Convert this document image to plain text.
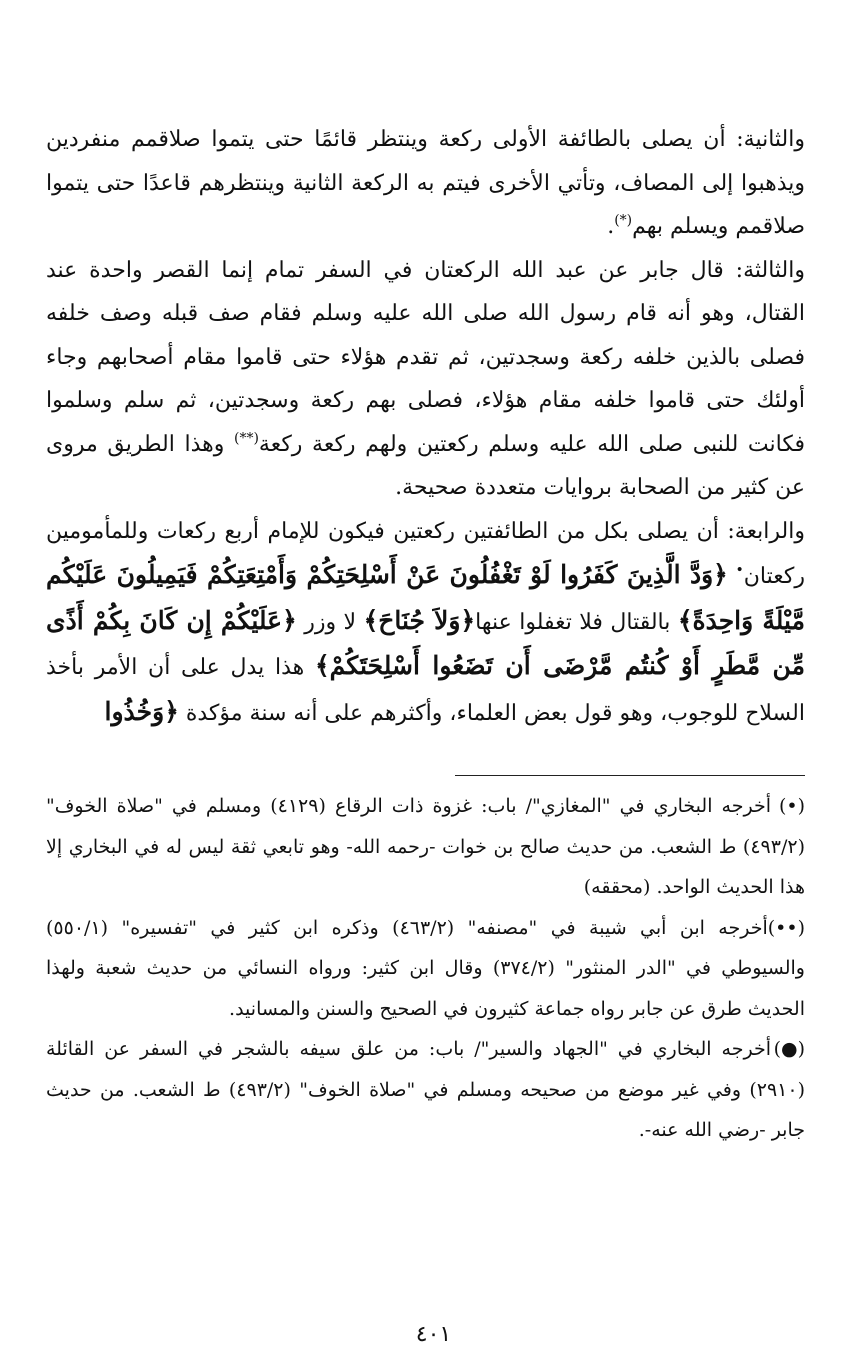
والثانية: أن يصلى بالطائفة الأولى ركعة وينتظر قائمًا حتى يتموا صلاقمم منفردين ويذهبوا إلى المصاف، وتأتي الأخرى فيتم به الركعة الثانية وينتظرهم قاعدًا حتى يتموا صلاقمم ويسلم بهم(*).

والثالثة: قال جابر عن عبد الله الركعتان في السفر تمام إنما القصر واحدة عند القتال، وهو أنه قام رسول الله صلى الله عليه وسلم فقام صف قبله وصف خلفه فصلى بالذين خلفه ركعة وسجدتين، ثم تقدم هؤلاء حتى قاموا مقام أصحابهم وجاء أولئك حتى قاموا خلفه مقام هؤلاء، فصلى بهم ركعة وسجدتين، ثم سلم وسلموا فكانت للنبى صلى الله عليه وسلم ركعتين ولهم ركعة ركعة(**) وهذا الطريق مروى عن كثير من الصحابة بروايات متعددة صحيحة.

والرابعة: أن يصلى بكل من الطائفتين ركعتين فيكون للإمام أربع ركعات وللمأمومين ركعتان• ﴿وَدَّ الَّذِينَ كَفَرُوا لَوْ تَغْفُلُونَ عَنْ أَسْلِحَتِكُمْ وَأَمْتِعَتِكُمْ فَيَمِيلُونَ عَلَيْكُم مَّيْلَةً وَاحِدَةً﴾ بالقتال فلا تغفلوا عنها﴿وَلاَ جُنَاحَ﴾ لا وزر ﴿عَلَيْكُمْ إِن كَانَ بِكُمْ أَذًى مِّن مَّطَرٍ أَوْ كُنتُم مَّرْضَى أَن تَضَعُوا أَسْلِحَتَكُمْ﴾ هذا يدل على أن الأمر بأخذ السلاح للوجوب، وهو قول بعض العلماء، وأكثرهم على أنه سنة مؤكدة ﴿وَخُذُوا

(•)أخرجه البخاري في "المغازي"/ باب: غزوة ذات الرقاع (٤١٢٩) ومسلم في "صلاة الخوف" (٤٩٣/٢) ط الشعب. من حديث صالح بن خوات -رحمه الله- وهو تابعي ثقة ليس له في البخاري إلا هذا الحديث الواحد. (محققه)

(••)أخرجه ابن أبي شيبة في "مصنفه" (٤٦٣/٢) وذكره ابن كثير في "تفسيره" (٥٥٠/١) والسيوطي في "الدر المنثور" (٣٧٤/٢) وقال ابن كثير: ورواه النسائي من حديث شعبة ولهذا الحديث طرق عن جابر رواه جماعة كثيرون في الصحيح والسنن والمسانيد.

(●)أخرجه البخاري في "الجهاد والسير"/ باب: من علق سيفه بالشجر في السفر عن القائلة (٢٩١٠) وفي غير موضع من صحيحه ومسلم في "صلاة الخوف" (٤٩٣/٢) ط الشعب. من حديث جابر -رضي الله عنه-.

٤٠١
